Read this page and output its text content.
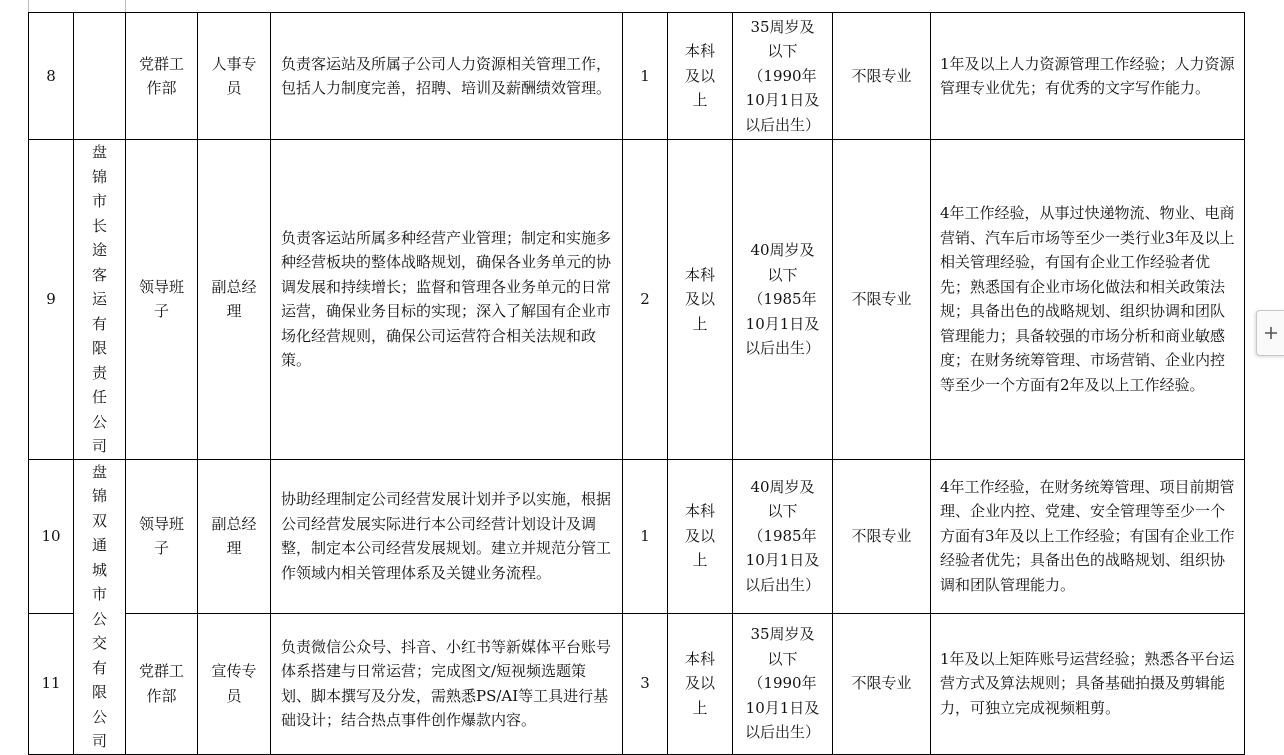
8		党群工作部	人事专员	负责客运站及所属子公司人力资源相关管理工作，包括人力制度完善，招聘、培训及薪酬绩效管理。	1	本科及以上	35周岁及以下（1990年10月1日及以后出生）	不限专业	1年及以上人力资源管理工作经验；人力资源管理专业优先；有优秀的文字写作能力。
9	盘锦市长途客运有限责任公司	领导班子	副总经理	负责客运站所属多种经营产业管理；制定和实施多种经营板块的整体战略规划，确保各业务单元的协调发展和持续增长；监督和管理各业务单元的日常运营，确保业务目标的实现；深入了解国有企业市场化经营规则，确保公司运营符合相关法规和政策。	2	本科及以上	40周岁及以下（1985年10月1日及以后出生）	不限专业	4年工作经验，从事过快递物流、物业、电商营销、汽车后市场等至少一类行业3年及以上相关管理经验，有国有企业工作经验者优先；熟悉国有企业市场化做法和相关政策法规；具备出色的战略规划、组织协调和团队管理能力；具备较强的市场分析和商业敏感度；在财务统筹管理、市场营销、企业内控等至少一个方面有2年及以上工作经验。
10	盘锦双通城市公交有限公司	领导班子	副总经理	协助经理制定公司经营发展计划并予以实施，根据公司经营发展实际进行本公司经营计划设计及调整，制定本公司经营发展规划。建立并规范分管工作领域内相关管理体系及关键业务流程。	1	本科及以上	40周岁及以下（1985年10月1日及以后出生）	不限专业	4年工作经验，在财务统筹管理、项目前期管理、企业内控、党建、安全管理等至少一个方面有3年及以上工作经验；有国有企业工作经验者优先；具备出色的战略规划、组织协调和团队管理能力。
11		党群工作部	宣传专员	负责微信公众号、抖音、小红书等新媒体平台账号体系搭建与日常运营；完成图文/短视频选题策划、脚本撰写及分发，需熟悉PS/AI等工具进行基础设计；结合热点事件创作爆款内容。	3	本科及以上	35周岁及以下（1990年10月1日及以后出生）	不限专业	1年及以上矩阵账号运营经验；熟悉各平台运营方式及算法规则；具备基础拍摄及剪辑能力，可独立完成视频粗剪。
